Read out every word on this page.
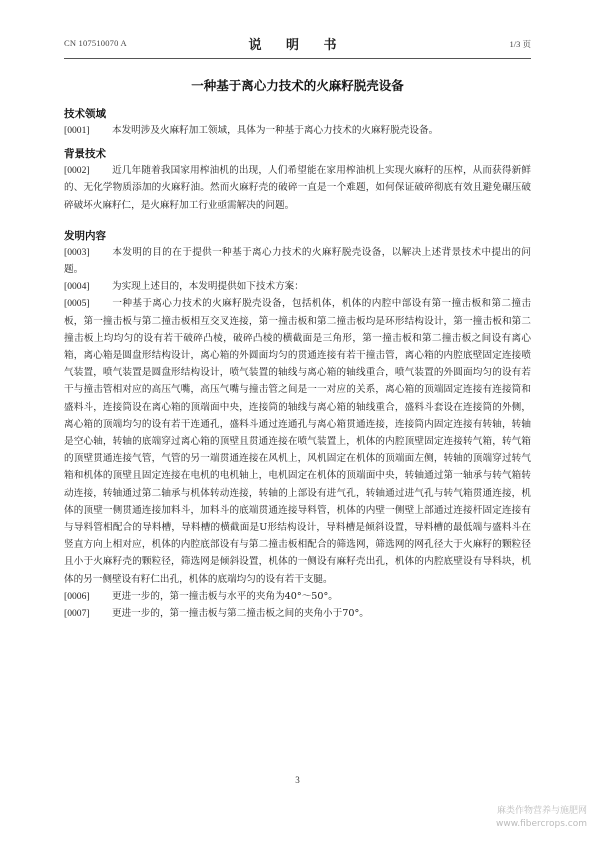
CN 107510070 A	说 明 书	1/3 页
一种基于离心力技术的火麻籽脱壳设备
技术领域

[0001] 本发明涉及火麻籽加工领域，具体为一种基于离心力技术的火麻籽脱壳设备。

背景技术

[0002] 近几年随着我国家用榨油机的出现，人们希望能在家用榨油机上实现火麻籽的压榨，从而获得新鲜的、无化学物质添加的火麻籽油。然而火麻籽壳的破碎一直是一个难题，如何保证破碎彻底有效且避免碾压破碎破坏火麻籽仁，是火麻籽加工行业亟需解决的问题。

发明内容

[0003] 本发明的目的在于提供一种基于离心力技术的火麻籽脱壳设备，以解决上述背景技术中提出的问题。

[0004] 为实现上述目的，本发明提供如下技术方案：

[0005] 一种基于离心力技术的火麻籽脱壳设备，包括机体，机体的内腔中部设有第一撞击板和第二撞击板，第一撞击板与第二撞击板相互交叉连接，第一撞击板和第二撞击板均是环形结构设计，第一撞击板和第二撞击板上均均匀的设有若干破碎凸棱，破碎凸棱的横截面是三角形，第一撞击板和第二撞击板之间设有离心箱，离心箱是圆盘形结构设计，离心箱的外圆面均匀的贯通连接有若干撞击管，离心箱的内腔底壁固定连接喷气装置，喷气装置是圆盘形结构设计，喷气装置的轴线与离心箱的轴线重合，喷气装置的外圆面均匀的设有若干与撞击管相对应的高压气嘴，高压气嘴与撞击管之间是一一对应的关系，离心箱的顶端固定连接有连接筒和盛料斗，连接筒设在离心箱的顶端面中央，连接筒的轴线与离心箱的轴线重合，盛料斗套设在连接筒的外侧，离心箱的顶端均匀的设有若干连通孔，盛料斗通过连通孔与离心箱贯通连接，连接筒内固定连接有转轴，转轴是空心轴，转轴的底端穿过离心箱的顶壁且贯通连接在喷气装置上，机体的内腔顶壁固定连接转气箱，转气箱的顶壁贯通连接气管，气管的另一端贯通连接在风机上，风机固定在机体的顶端面左侧，转轴的顶端穿过转气箱和机体的顶壁且固定连接在电机的电机轴上，电机固定在机体的顶端面中央，转轴通过第一轴承与转气箱转动连接，转轴通过第二轴承与机体转动连接，转轴的上部设有进气孔，转轴通过进气孔与转气箱贯通连接，机体的顶壁一侧贯通连接加料斗，加料斗的底端贯通连接导料管，机体的内壁一侧壁上部通过连接杆固定连接有与导料管相配合的导料槽，导料槽的横截面是U形结构设计，导料槽是倾斜设置，导料槽的最低端与盛料斗在竖直方向上相对应，机体的内腔底部设有与第二撞击板相配合的筛选网，筛选网的网孔径大于火麻籽的颗粒径且小于火麻籽壳的颗粒径，筛选网是倾斜设置，机体的一侧设有麻籽壳出孔，机体的内腔底壁设有导料块，机体的另一侧壁设有籽仁出孔，机体的底端均匀的设有若干支腿。

[0006] 更进一步的，第一撞击板与水平的夹角为40°～50°。

[0007] 更进一步的，第一撞击板与第二撞击板之间的夹角小于70°。

3
麻类作物营养与施肥网
www.fibercrops.com
